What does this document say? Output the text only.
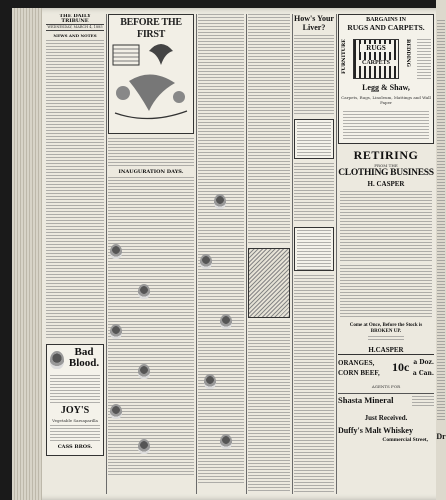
THE DAILY TRIBUNE
WEDNESDAY, MARCH 4, 1885
NEWS AND NOTES
Bad Blood.
JOY'S
Vegetable Sarsaparilla
CASS BROS.
BEFORE THE FIRST
INAUGURATION DAYS.
How's Your Liver?
BARGAINS IN
RUGS AND CARPETS.
FURNITURE	RUGS
CARPETS	BEDDING
Legg & Shaw,
Carpets, Rugs, Linoleum, Mattings and Wall Paper
RETIRING
FROM THE
CLOTHING BUSINESS
H. CASPER
Come at Once, Before the Stock is
BROKEN UP.
H.CASPER
ORANGES,
CORN BEEF, 10c a Doz.
a Can.
AGENTS FOR
Shasta Mineral
Just Received.
Duffy's Malt Whiskey
Commercial Street,	Dr
